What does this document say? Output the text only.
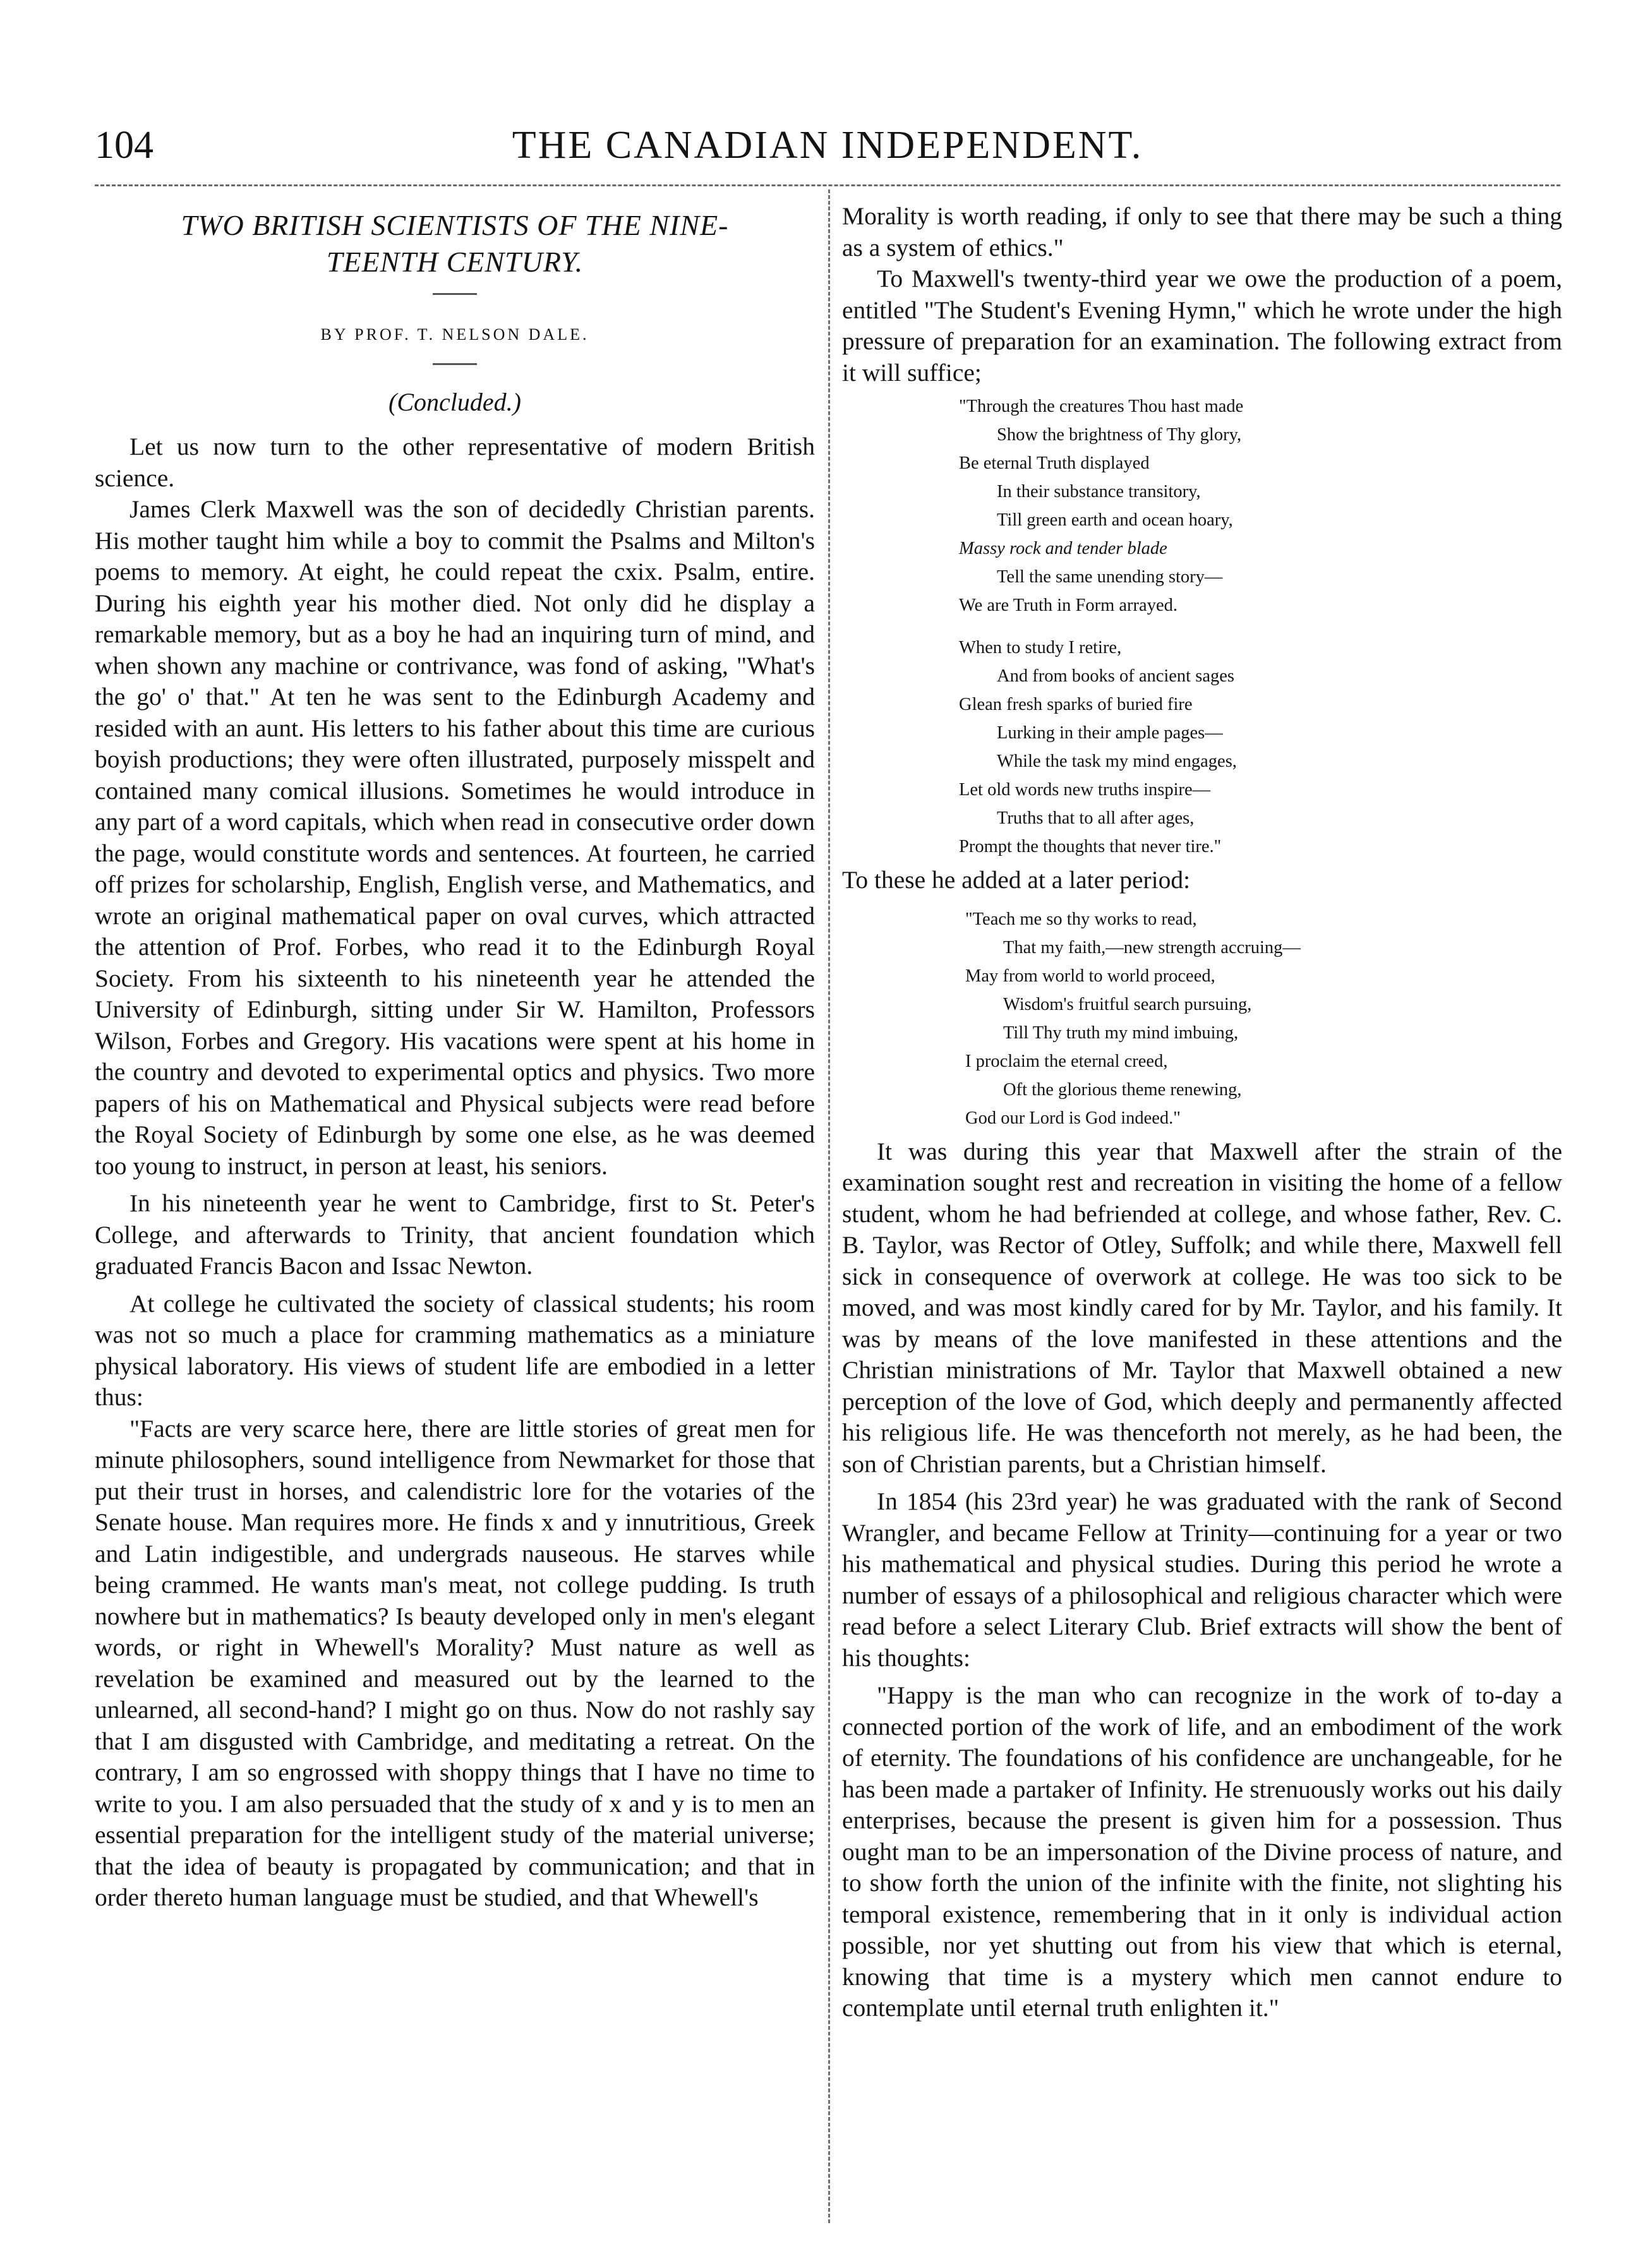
104	THE CANADIAN INDEPENDENT.
TWO BRITISH SCIENTISTS OF THE NINE-
TEENTH CENTURY.
BY PROF. T. NELSON DALE.
(Concluded.)

Let us now turn to the other representative of modern British science.

James Clerk Maxwell was the son of decidedly Christian parents. His mother taught him while a boy to commit the Psalms and Milton's poems to memory. At eight, he could repeat the cxix. Psalm, entire. During his eighth year his mother died. Not only did he display a remarkable memory, but as a boy he had an inquiring turn of mind, and when shown any machine or contrivance, was fond of asking, "What's the go' o' that." At ten he was sent to the Edinburgh Academy and resided with an aunt. His letters to his father about this time are curious boyish productions; they were often illustrated, purposely misspelt and contained many comical illusions. Sometimes he would introduce in any part of a word capitals, which when read in consecutive order down the page, would constitute words and sentences. At fourteen, he carried off prizes for scholarship, English, English verse, and Mathematics, and wrote an original mathematical paper on oval curves, which attracted the attention of Prof. Forbes, who read it to the Edinburgh Royal Society. From his sixteenth to his nineteenth year he attended the University of Edinburgh, sitting under Sir W. Hamilton, Professors Wilson, Forbes and Gregory. His vacations were spent at his home in the country and devoted to experimental optics and physics. Two more papers of his on Mathematical and Physical subjects were read before the Royal Society of Edinburgh by some one else, as he was deemed too young to instruct, in person at least, his seniors.

In his nineteenth year he went to Cambridge, first to St. Peter's College, and afterwards to Trinity, that ancient foundation which graduated Francis Bacon and Issac Newton.

At college he cultivated the society of classical students; his room was not so much a place for cramming mathematics as a miniature physical laboratory. His views of student life are embodied in a letter thus:

"Facts are very scarce here, there are little stories of great men for minute philosophers, sound intelligence from Newmarket for those that put their trust in horses, and calendistric lore for the votaries of the Senate house. Man requires more. He finds x and y innutritious, Greek and Latin indigestible, and undergrads nauseous. He starves while being crammed. He wants man's meat, not college pudding. Is truth nowhere but in mathematics? Is beauty developed only in men's elegant words, or right in Whewell's Morality? Must nature as well as revelation be examined and measured out by the learned to the unlearned, all second-hand? I might go on thus. Now do not rashly say that I am disgusted with Cambridge, and meditating a retreat. On the contrary, I am so engrossed with shoppy things that I have no time to write to you. I am also persuaded that the study of x and y is to men an essential preparation for the intelligent study of the material universe; that the idea of beauty is propagated by communication; and that in order thereto human language must be studied, and that Whewell's

Morality is worth reading, if only to see that there may be such a thing as a system of ethics."

To Maxwell's twenty-third year we owe the production of a poem, entitled "The Student's Evening Hymn," which he wrote under the high pressure of preparation for an examination. The following extract from it will suffice;

"Through the creatures Thou hast made
Show the brightness of Thy glory,
Be eternal Truth displayed
In their substance transitory,
Till green earth and ocean hoary,
Massy rock and tender blade
Tell the same unending story—
We are Truth in Form arrayed.
When to study I retire,
And from books of ancient sages
Glean fresh sparks of buried fire
Lurking in their ample pages—
While the task my mind engages,
Let old words new truths inspire—
Truths that to all after ages,
Prompt the thoughts that never tire."

To these he added at a later period:

"Teach me so thy works to read,
That my faith,—new strength accruing—
May from world to world proceed,
Wisdom's fruitful search pursuing,
Till Thy truth my mind imbuing,
I proclaim the eternal creed,
Oft the glorious theme renewing,
God our Lord is God indeed."

It was during this year that Maxwell after the strain of the examination sought rest and recreation in visiting the home of a fellow student, whom he had befriended at college, and whose father, Rev. C. B. Taylor, was Rector of Otley, Suffolk; and while there, Maxwell fell sick in consequence of overwork at college. He was too sick to be moved, and was most kindly cared for by Mr. Taylor, and his family. It was by means of the love manifested in these attentions and the Christian ministrations of Mr. Taylor that Maxwell obtained a new perception of the love of God, which deeply and permanently affected his religious life. He was thenceforth not merely, as he had been, the son of Christian parents, but a Christian himself.

In 1854 (his 23rd year) he was graduated with the rank of Second Wrangler, and became Fellow at Trinity—continuing for a year or two his mathematical and physical studies. During this period he wrote a number of essays of a philosophical and religious character which were read before a select Literary Club. Brief extracts will show the bent of his thoughts:

"Happy is the man who can recognize in the work of to-day a connected portion of the work of life, and an embodiment of the work of eternity. The foundations of his confidence are unchangeable, for he has been made a partaker of Infinity. He strenuously works out his daily enterprises, because the present is given him for a possession. Thus ought man to be an impersonation of the Divine process of nature, and to show forth the union of the infinite with the finite, not slighting his temporal existence, remembering that in it only is individual action possible, nor yet shutting out from his view that which is eternal, knowing that time is a mystery which men cannot endure to contemplate until eternal truth enlighten it."
